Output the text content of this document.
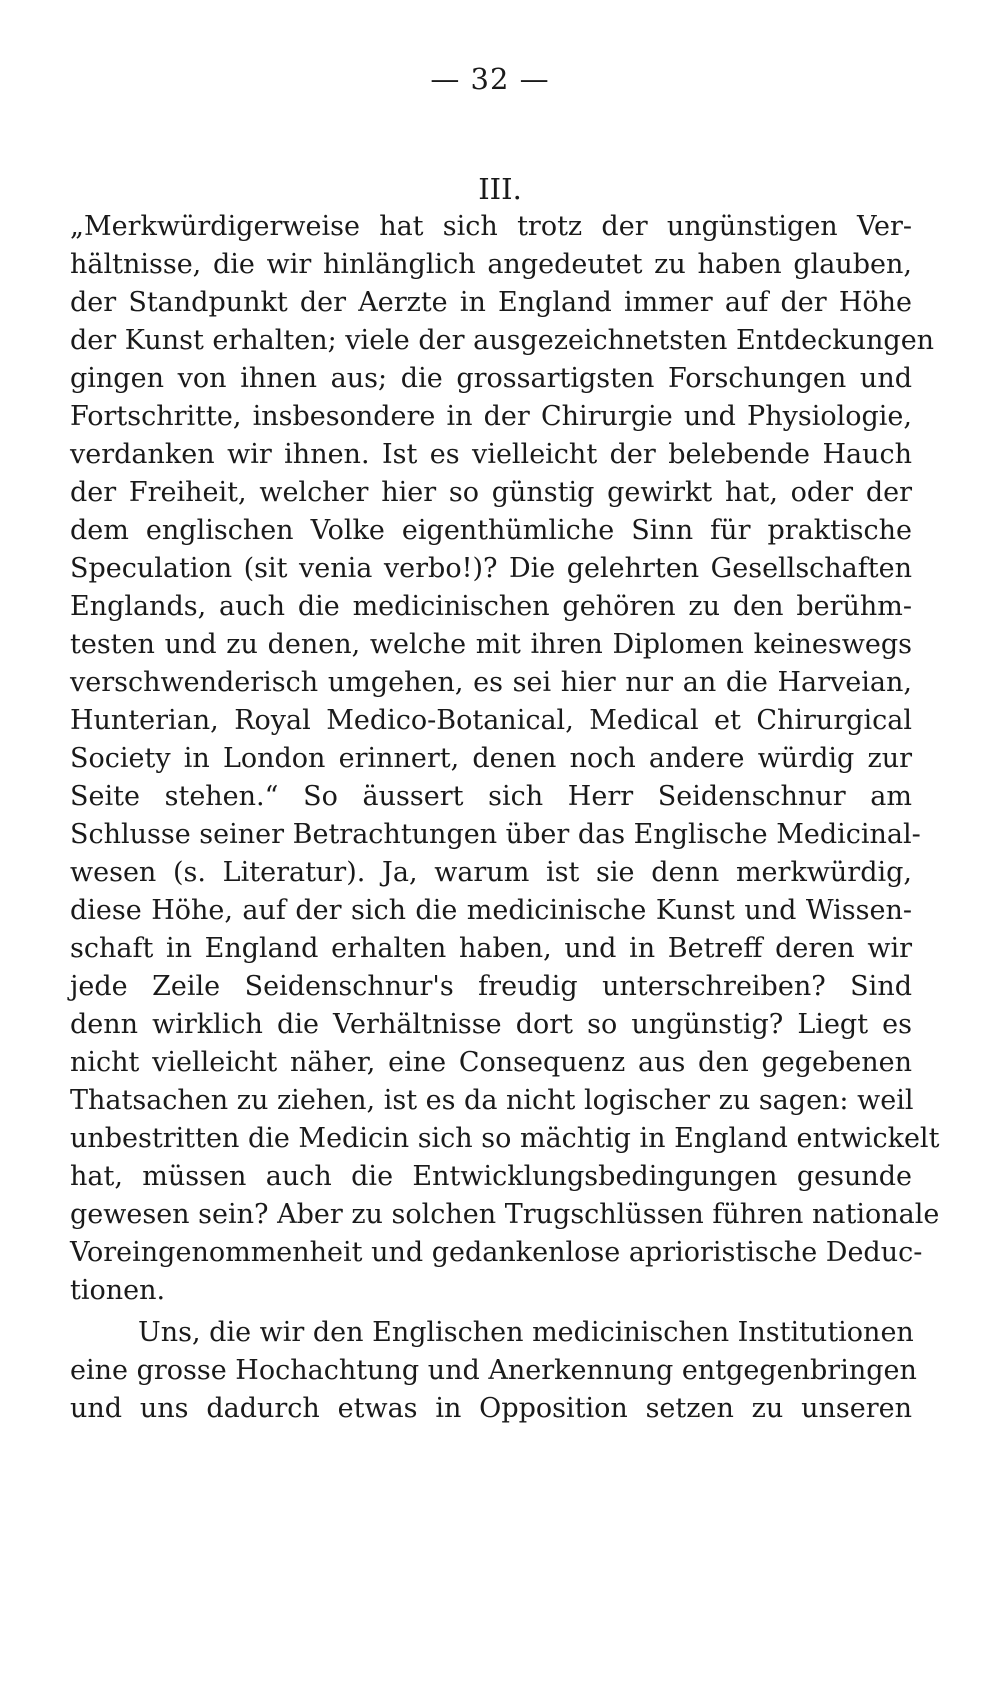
— 32 —
III.
„Merkwürdigerweise hat sich trotz der ungünstigen Ver-
hältnisse, die wir hinlänglich angedeutet zu haben glauben,
der Standpunkt der Aerzte in England immer auf der Höhe
der Kunst erhalten; viele der ausgezeichnetsten Entdeckungen
gingen von ihnen aus; die grossartigsten Forschungen und
Fortschritte, insbesondere in der Chirurgie und Physiologie,
verdanken wir ihnen. Ist es vielleicht der belebende Hauch
der Freiheit, welcher hier so günstig gewirkt hat, oder der
dem englischen Volke eigenthümliche Sinn für praktische
Speculation (sit venia verbo!)? Die gelehrten Gesellschaften
Englands, auch die medicinischen gehören zu den berühm-
testen und zu denen, welche mit ihren Diplomen keineswegs
verschwenderisch umgehen, es sei hier nur an die Harveian,
Hunterian, Royal Medico-Botanical, Medical et Chirurgical
Society in London erinnert, denen noch andere würdig zur
Seite stehen.“ So äussert sich Herr Seidenschnur am
Schlusse seiner Betrachtungen über das Englische Medicinal-
wesen (s. Literatur). Ja, warum ist sie denn merkwürdig,
diese Höhe, auf der sich die medicinische Kunst und Wissen-
schaft in England erhalten haben, und in Betreff deren wir
jede Zeile Seidenschnur's freudig unterschreiben? Sind
denn wirklich die Verhältnisse dort so ungünstig? Liegt es
nicht vielleicht näher, eine Consequenz aus den gegebenen
Thatsachen zu ziehen, ist es da nicht logischer zu sagen: weil
unbestritten die Medicin sich so mächtig in England entwickelt
hat, müssen auch die Entwicklungsbedingungen gesunde
gewesen sein? Aber zu solchen Trugschlüssen führen nationale
Voreingenommenheit und gedankenlose aprioristische Deduc-
tionen.
Uns, die wir den Englischen medicinischen Institutionen
eine grosse Hochachtung und Anerkennung entgegenbringen
und uns dadurch etwas in Opposition setzen zu unseren
